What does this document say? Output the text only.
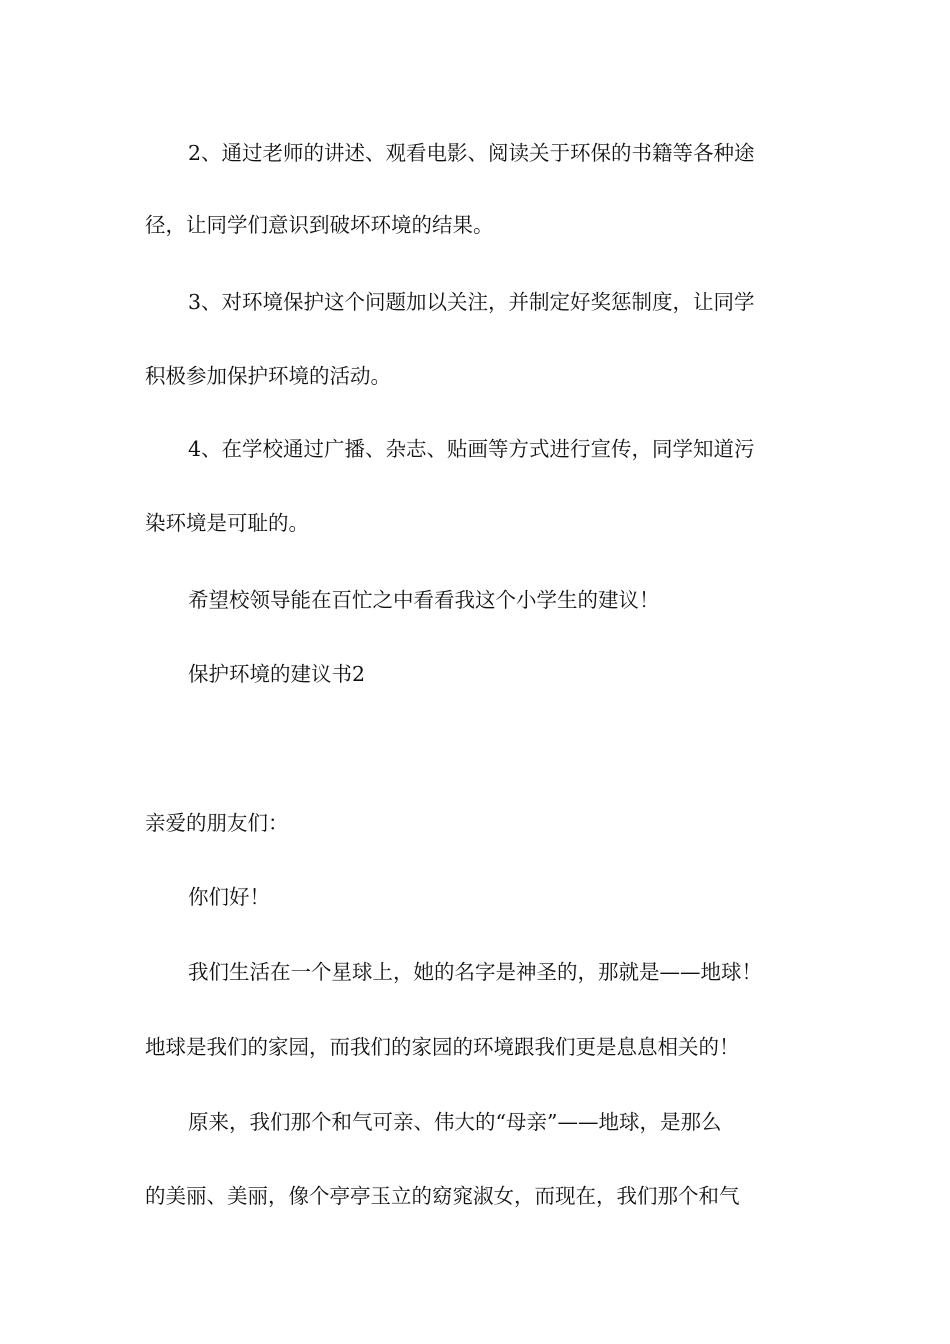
2、通过老师的讲述、观看电影、阅读关于环保的书籍等各种途
径，让同学们意识到破坏环境的结果。
3、对环境保护这个问题加以关注，并制定好奖惩制度，让同学
积极参加保护环境的活动。
4、在学校通过广播、杂志、贴画等方式进行宣传，同学知道污
染环境是可耻的。
希望校领导能在百忙之中看看我这个小学生的建议！
保护环境的建议书2
亲爱的朋友们：
你们好！
我们生活在一个星球上，她的名字是神圣的，那就是——地球！
地球是我们的家园，而我们的家园的环境跟我们更是息息相关的！
原来，我们那个和气可亲、伟大的“母亲”——地球，是那么
的美丽、美丽，像个亭亭玉立的窈窕淑女，而现在，我们那个和气
